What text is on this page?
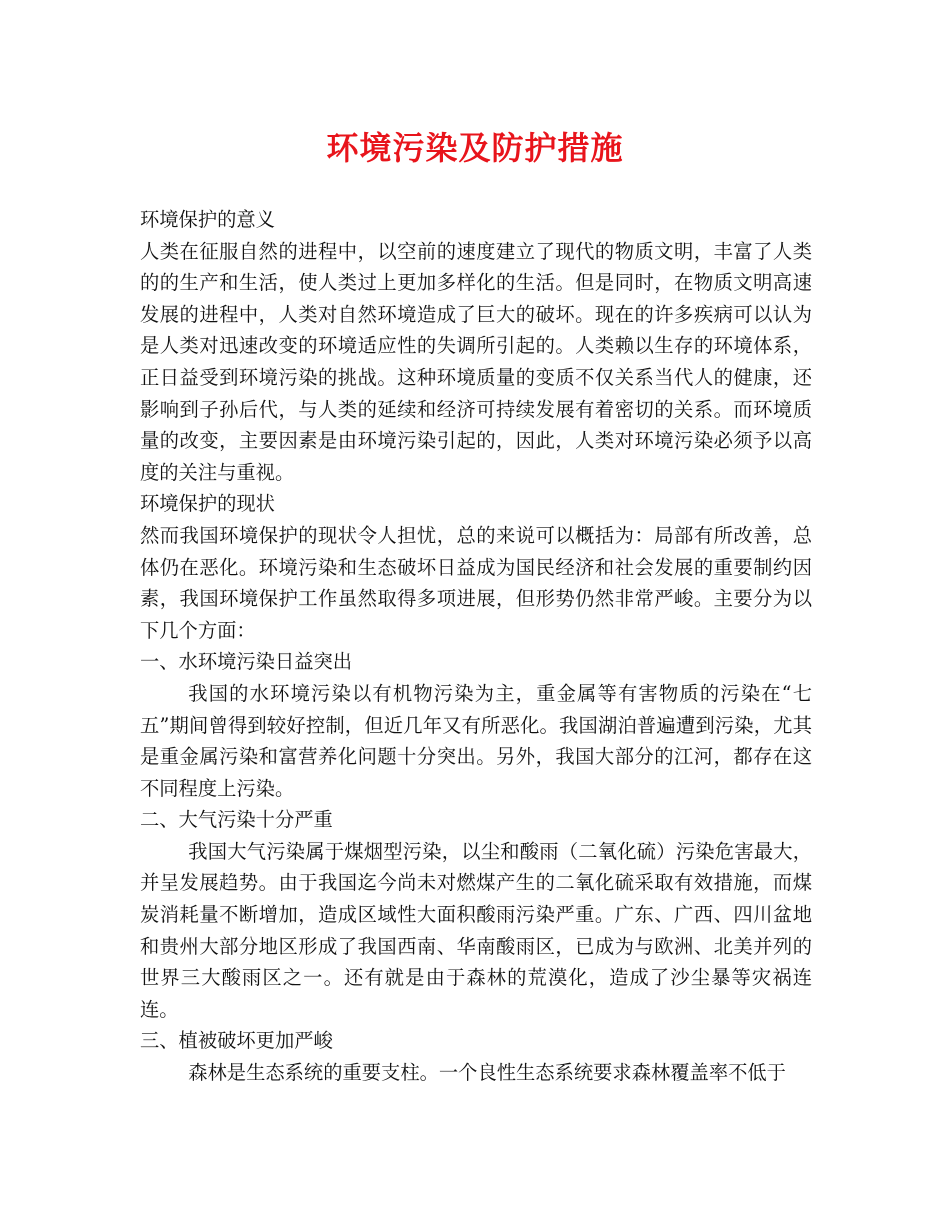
环境污染及防护措施

环境保护的意义

人类在征服自然的进程中，以空前的速度建立了现代的物质文明，丰富了人类的的生产和生活，使人类过上更加多样化的生活。但是同时，在物质文明高速发展的进程中，人类对自然环境造成了巨大的破坏。现在的许多疾病可以认为是人类对迅速改变的环境适应性的失调所引起的。人类赖以生存的环境体系，正日益受到环境污染的挑战。这种环境质量的变质不仅关系当代人的健康，还影响到子孙后代，与人类的延续和经济可持续发展有着密切的关系。而环境质量的改变，主要因素是由环境污染引起的，因此，人类对环境污染必须予以高度的关注与重视。

环境保护的现状

然而我国环境保护的现状令人担忧，总的来说可以概括为：局部有所改善，总体仍在恶化。环境污染和生态破坏日益成为国民经济和社会发展的重要制约因素，我国环境保护工作虽然取得多项进展，但形势仍然非常严峻。主要分为以下几个方面：

一、水环境污染日益突出

我国的水环境污染以有机物污染为主，重金属等有害物质的污染在“七五”期间曾得到较好控制，但近几年又有所恶化。我国湖泊普遍遭到污染，尤其是重金属污染和富营养化问题十分突出。另外，我国大部分的江河，都存在这不同程度上污染。

二、大气污染十分严重

我国大气污染属于煤烟型污染，以尘和酸雨（二氧化硫）污染危害最大，并呈发展趋势。由于我国迄今尚未对燃煤产生的二氧化硫采取有效措施，而煤炭消耗量不断增加，造成区域性大面积酸雨污染严重。广东、广西、四川盆地和贵州大部分地区形成了我国西南、华南酸雨区，已成为与欧洲、北美并列的世界三大酸雨区之一。还有就是由于森林的荒漠化，造成了沙尘暴等灾祸连连。

三、植被破坏更加严峻

森林是生态系统的重要支柱。一个良性生态系统要求森林覆盖率不低于
